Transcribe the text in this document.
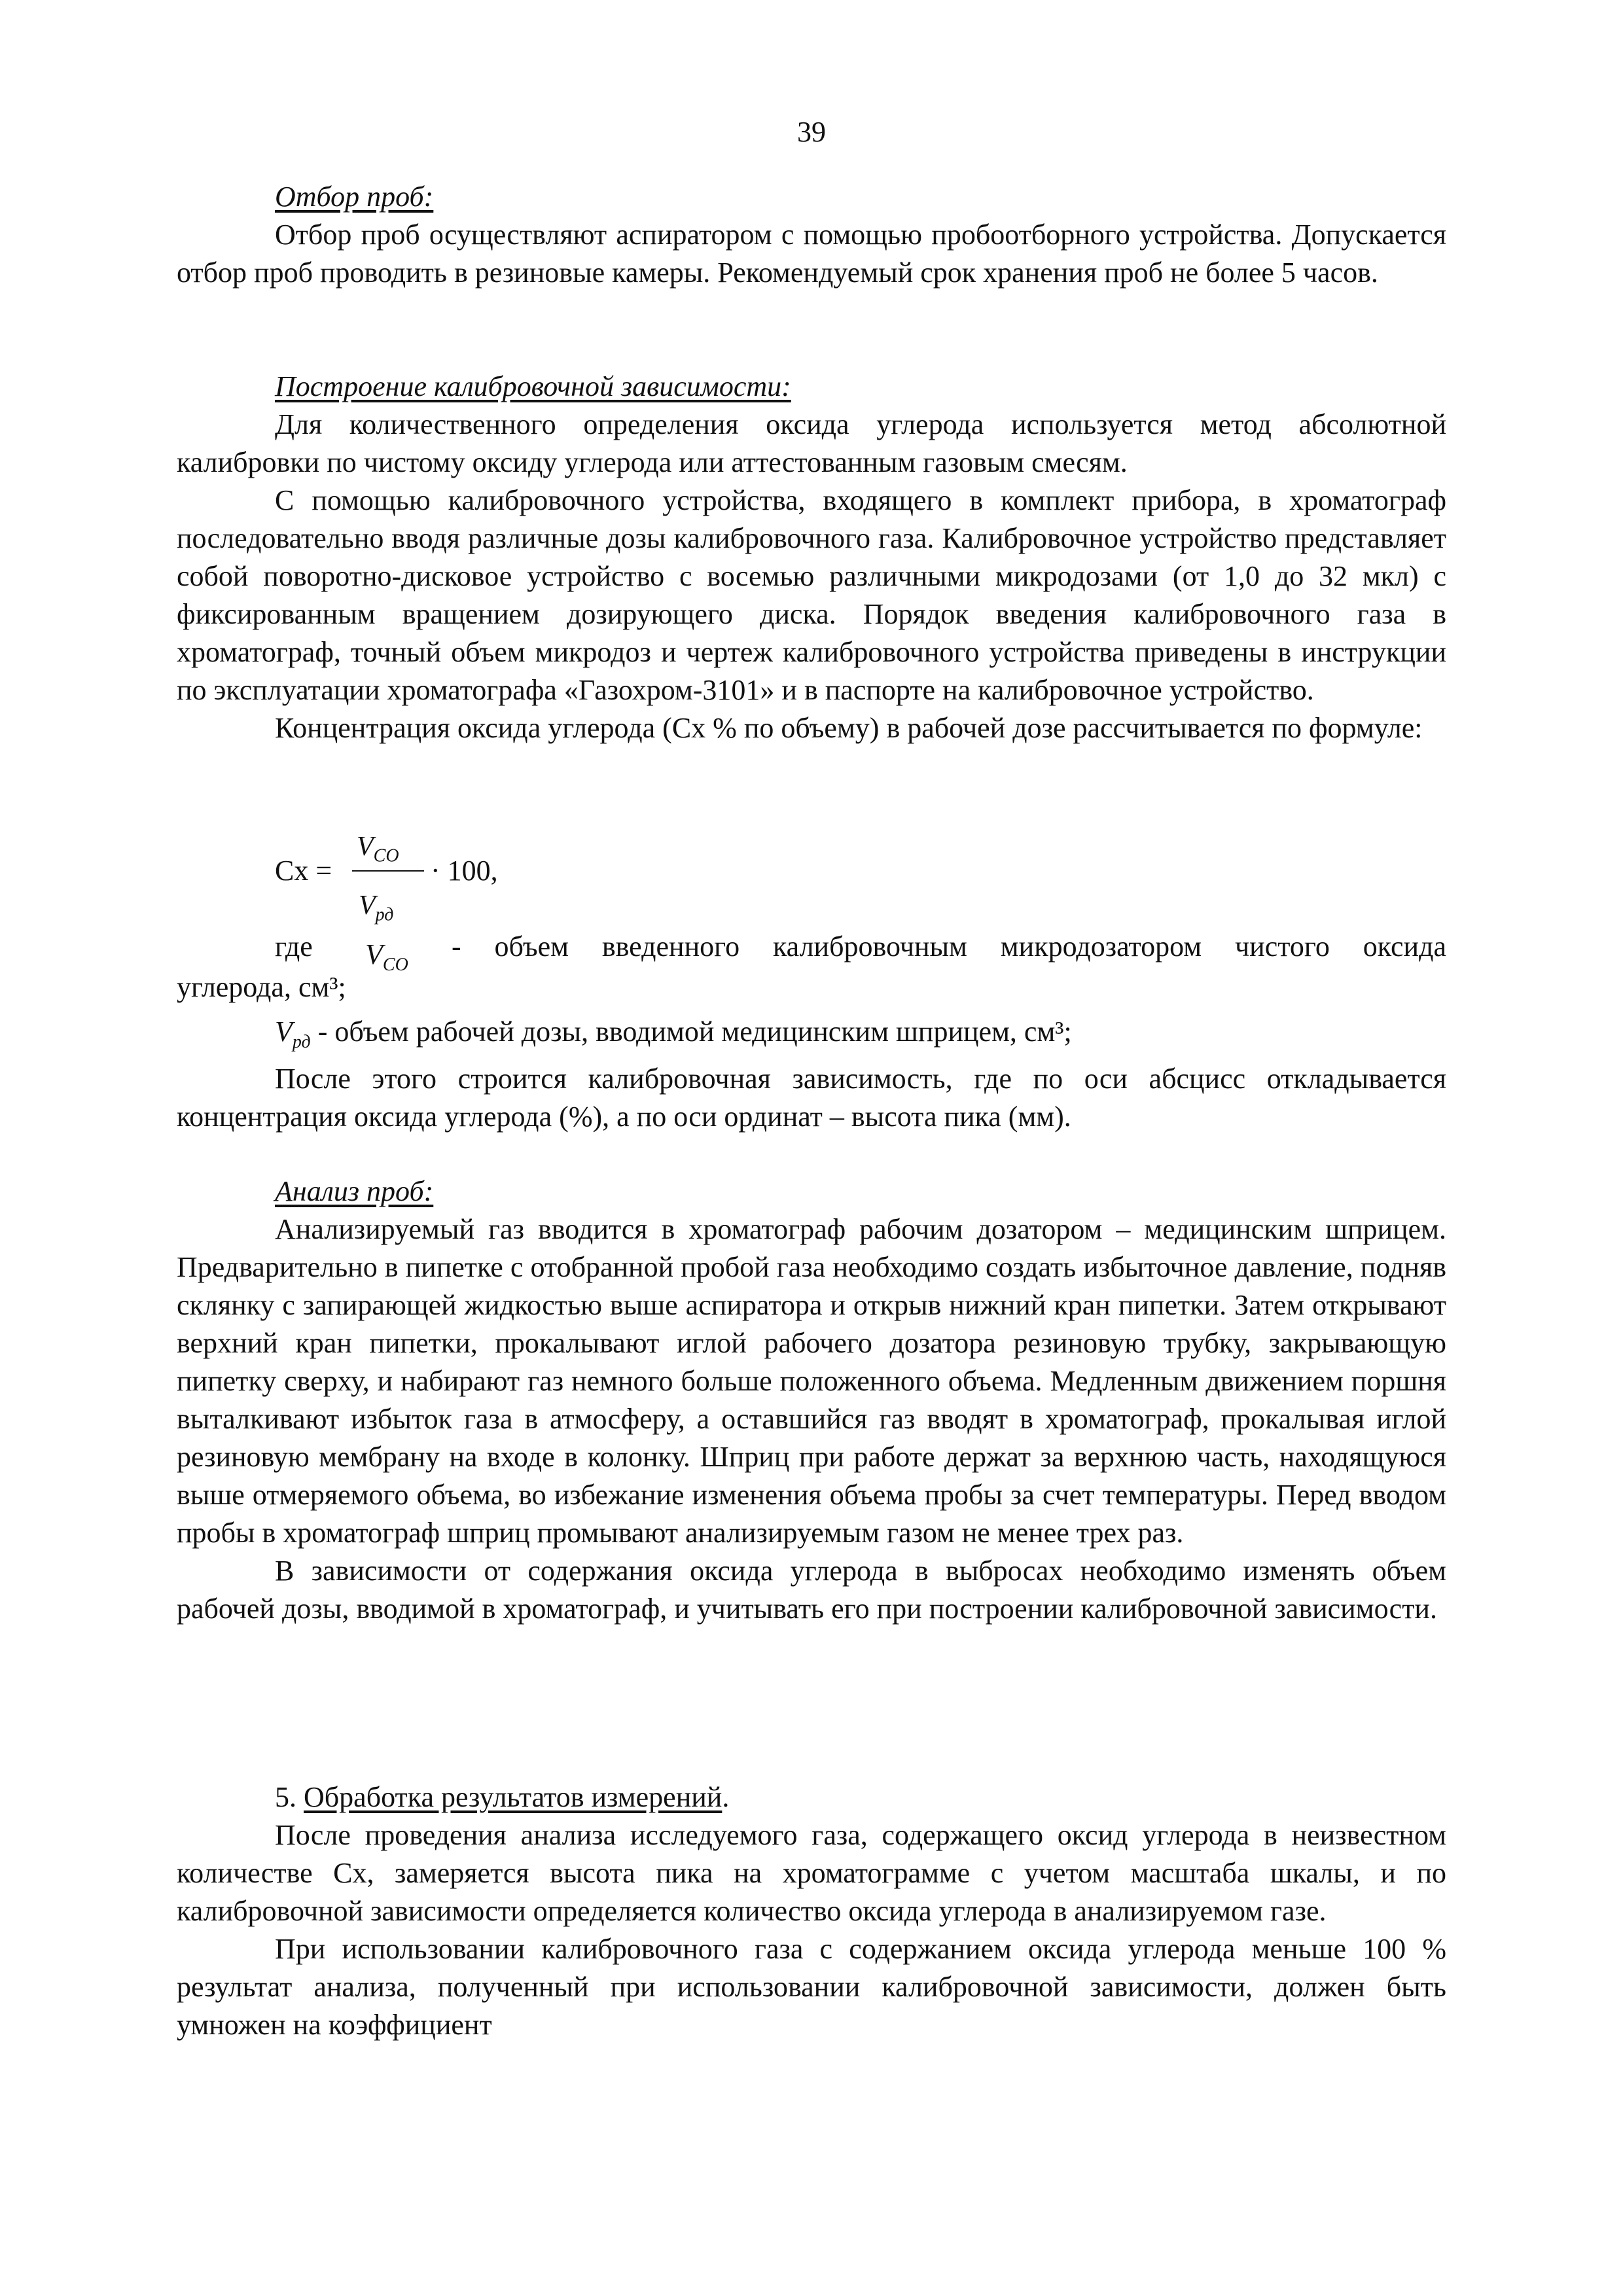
39
Отбор проб:

Отбор проб осуществляют аспиратором с помощью пробоотборного устройства. Допускается отбор проб проводить в резиновые камеры. Рекомендуемый срок хранения проб не более 5 часов.

Построение калибровочной зависимости:

Для количественного определения оксида углерода используется метод абсолютной калибровки по чистому оксиду углерода или аттестованным газовым смесям.

С помощью калибровочного устройства, входящего в комплект прибора, в хроматограф последовательно вводя различные дозы калибровочного газа. Калибровочное устройство представляет собой поворотно-дисковое устройство с восемью различными микродозами (от 1,0 до 32 мкл) с фиксированным вращением дозирующего диска. Порядок введения калибровочного газа в хроматограф, точный объем микродоз и чертеж калибровочного устройства приведены в инструкции по эксплуатации хроматографа «Газохром-3101» и в паспорте на калибровочное устройство.

Концентрация оксида углерода (Сх % по объему) в рабочей дозе рассчитывается по формуле:

Сх =
$V_{CO} \cdot 100$,
$V_{рд}$
где $V_{CO}$
- объем введенного калибровочным микродозатором чистого оксида
углерода, см³;
$V_{рд}$ - объем рабочей дозы, вводимой медицинским шприцем, см³;

После этого строится калибровочная зависимость, где по оси абсцисс откладывается концентрация оксида углерода (%), а по оси ординат – высота пика (мм).

Анализ проб:

Анализируемый газ вводится в хроматограф рабочим дозатором – медицинским шприцем. Предварительно в пипетке с отобранной пробой газа необходимо создать избыточное давление, подняв склянку с запирающей жидкостью выше аспиратора и открыв нижний кран пипетки. Затем открывают верхний кран пипетки, прокалывают иглой рабочего дозатора резиновую трубку, закрывающую пипетку сверху, и набирают газ немного больше положенного объема. Медленным движением поршня выталкивают избыток газа в атмосферу, а оставшийся газ вводят в хроматограф, прокалывая иглой резиновую мембрану на входе в колонку. Шприц при работе держат за верхнюю часть, находящуюся выше отмеряемого объема, во избежание изменения объема пробы за счет температуры. Перед вводом пробы в хроматограф шприц промывают анализируемым газом не менее трех раз.

В зависимости от содержания оксида углерода в выбросах необходимо изменять объем рабочей дозы, вводимой в хроматограф, и учитывать его при построении калибровочной зависимости.

5. Обработка результатов измерений.

После проведения анализа исследуемого газа, содержащего оксид углерода в неизвестном количестве Сх, замеряется высота пика на хроматограмме с учетом масштаба шкалы, и по калибровочной зависимости определяется количество оксида углерода в анализируемом газе.

При использовании калибровочного газа с содержанием оксида углерода меньше 100 % результат анализа, полученный при использовании калибровочной зависимости, должен быть умножен на коэффициент
